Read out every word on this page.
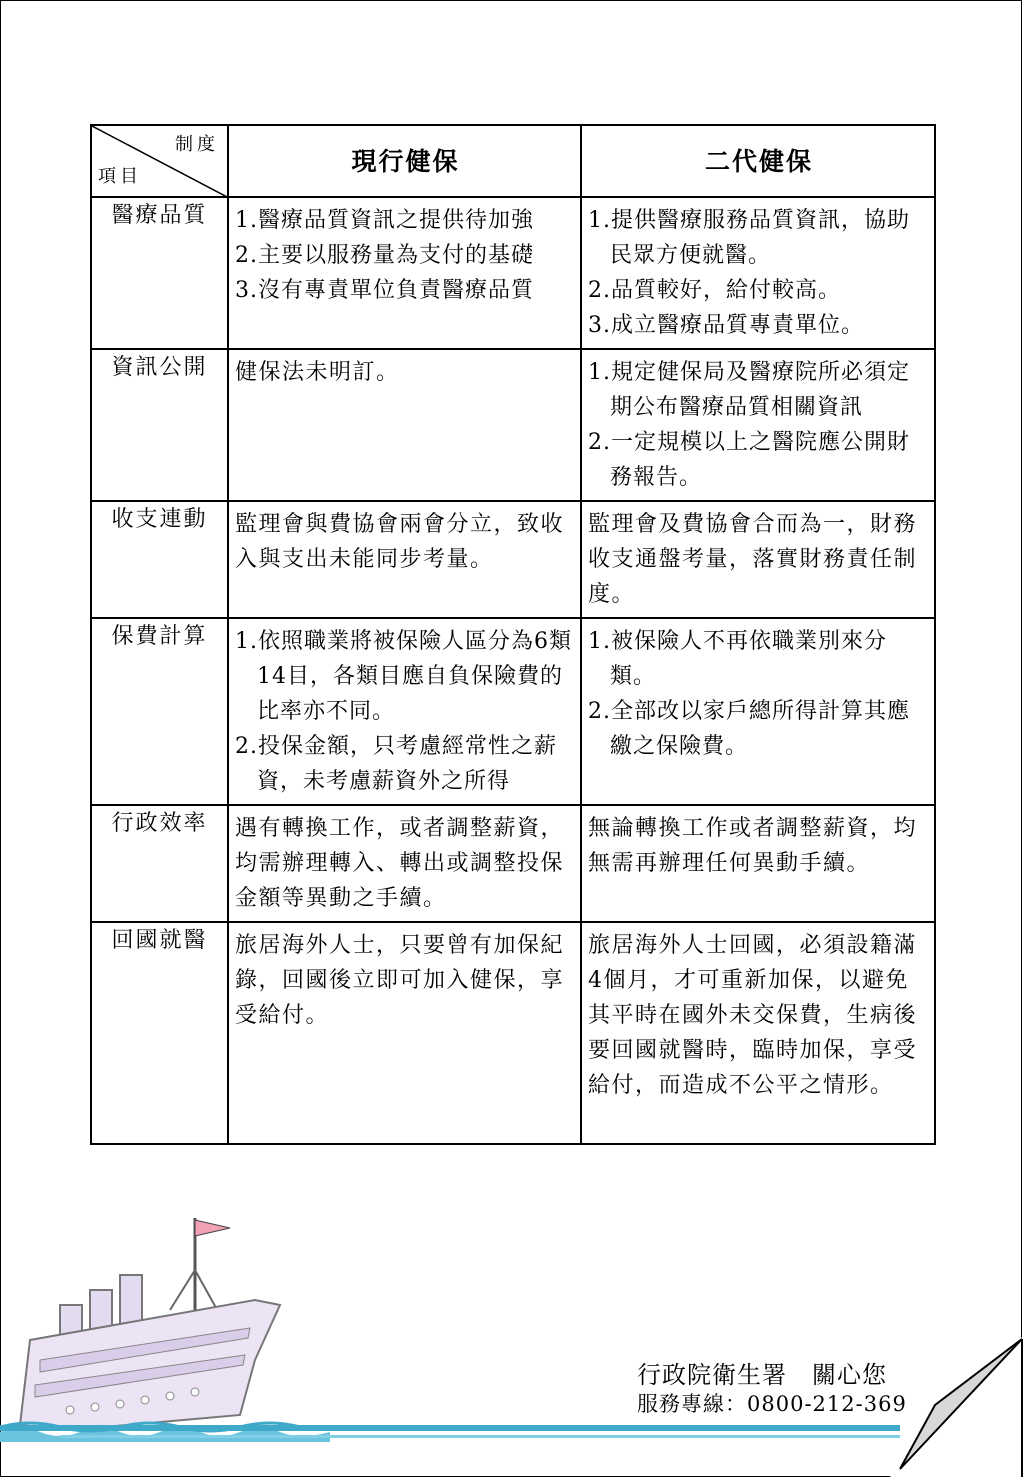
制度
項目	現行健保	二代健保
醫療品質	1.醫療品質資訊之提供待加強
2.主要以服務量為支付的基礎
3.沒有專責單位負責醫療品質	1.提供醫療服務品質資訊，協助民眾方便就醫。
2.品質較好，給付較高。
3.成立醫療品質專責單位。

資訊公開	健保法未明訂。	1.規定健保局及醫療院所必須定期公布醫療品質相關資訊
2.一定規模以上之醫院應公開財務報告。

收支連動	監理會與費協會兩會分立，致收入與支出未能同步考量。	監理會及費協會合而為一，財務收支通盤考量，落實財務責任制度。

保費計算	1.依照職業將被保險人區分為6類14目，各類目應自負保險費的比率亦不同。
2.投保金額，只考慮經常性之薪資，未考慮薪資外之所得	1.被保險人不再依職業別來分類。
2.全部改以家戶總所得計算其應繳之保險費。

行政效率	遇有轉換工作，或者調整薪資，均需辦理轉入、轉出或調整投保金額等異動之手續。	無論轉換工作或者調整薪資，均無需再辦理任何異動手續。

回國就醫	旅居海外人士，只要曾有加保紀錄，回國後立即可加入健保，享受給付。	旅居海外人士回國，必須設籍滿4個月，才可重新加保，以避免其平時在國外未交保費，生病後要回國就醫時，臨時加保，享受給付，而造成不公平之情形。
行政院衛生署　關心您
服務專線：0800-212-369
